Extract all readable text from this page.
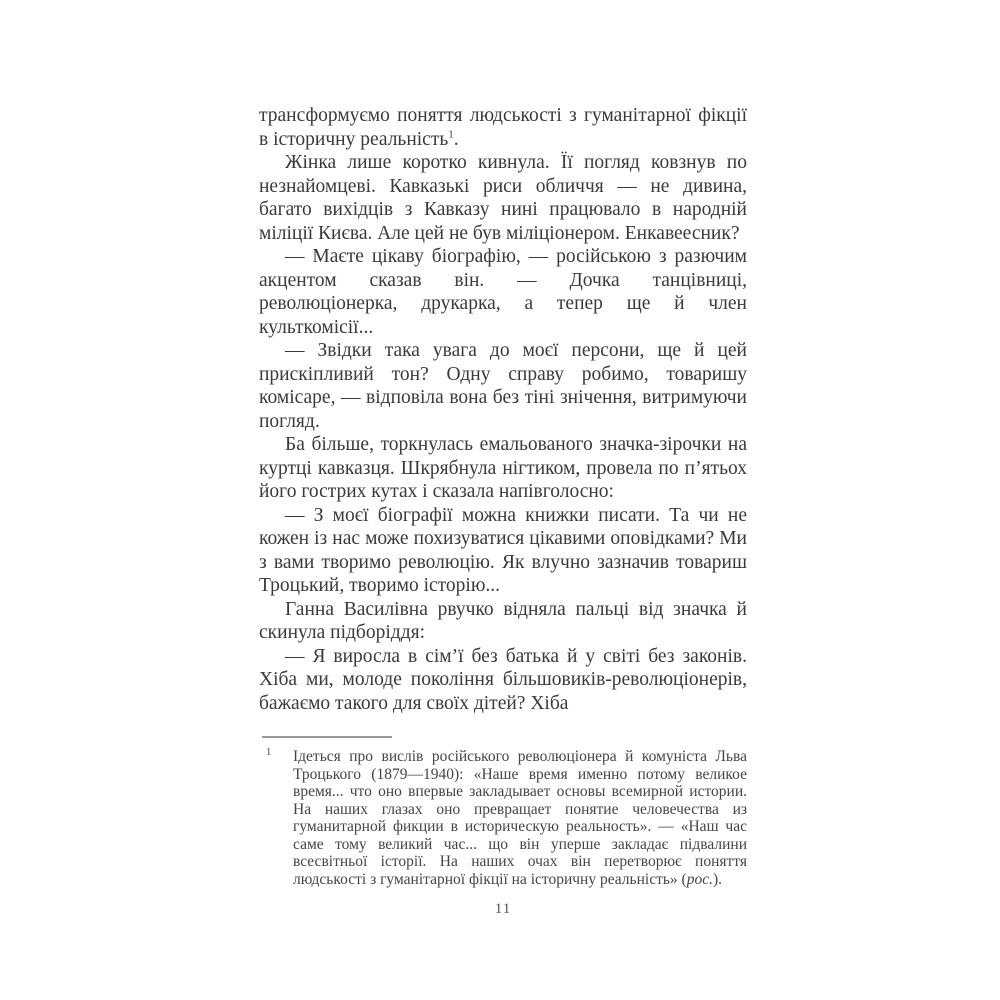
трансформуємо поняття людськості з гуманітарної фікції в історичну реальність$^1$.

Жінка лише коротко кивнула. Її погляд ковзнув по незнайомцеві. Кавказькі риси обличчя — не дивина, багато вихідців з Кавказу нині працювало в народній міліції Києва. Але цей не був міліціонером. Енкавеесник?

— Маєте цікаву біографію, — російською з разючим акцентом сказав він. — Дочка танцівниці, революціонерка, друкарка, а тепер ще й член культкомісії...

— Звідки така увага до моєї персони, ще й цей прискіпливий тон? Одну справу робимо, товаришу комісаре, — відповіла вона без тіні знічення, витримуючи погляд.

Ба більше, торкнулась емальованого значка-зірочки на куртці кавказця. Шкрябнула нігтиком, провела по п’ятьох його гострих кутах і сказала напівголосно:

— З моєї біографії можна книжки писати. Та чи не кожен із нас може похизуватися цікавими оповідками? Ми з вами творимо революцію. Як влучно зазначив товариш Троцький, творимо історію...

Ганна Василівна рвучко відняла пальці від значка й скинула підборіддя:

— Я виросла в сім’ї без батька й у світі без законів. Хіба ми, молоде покоління більшовиків-революціонерів, бажаємо такого для своїх дітей? Хіба

1 Ідеться про вислів російського революціонера й комуніста Льва Троцького (1879—1940): «Наше время именно потому великое время... что оно впервые закладывает основы всемирной истории. На наших глазах оно превращает понятие человечества из гуманитарной фикции в историческую реальность». — «Наш час саме тому великий час... що він уперше закладає підвалини всесвітньої історії. На наших очах він перетворює поняття людськості з гуманітарної фікції на історичну реальність» (рос.).
11
